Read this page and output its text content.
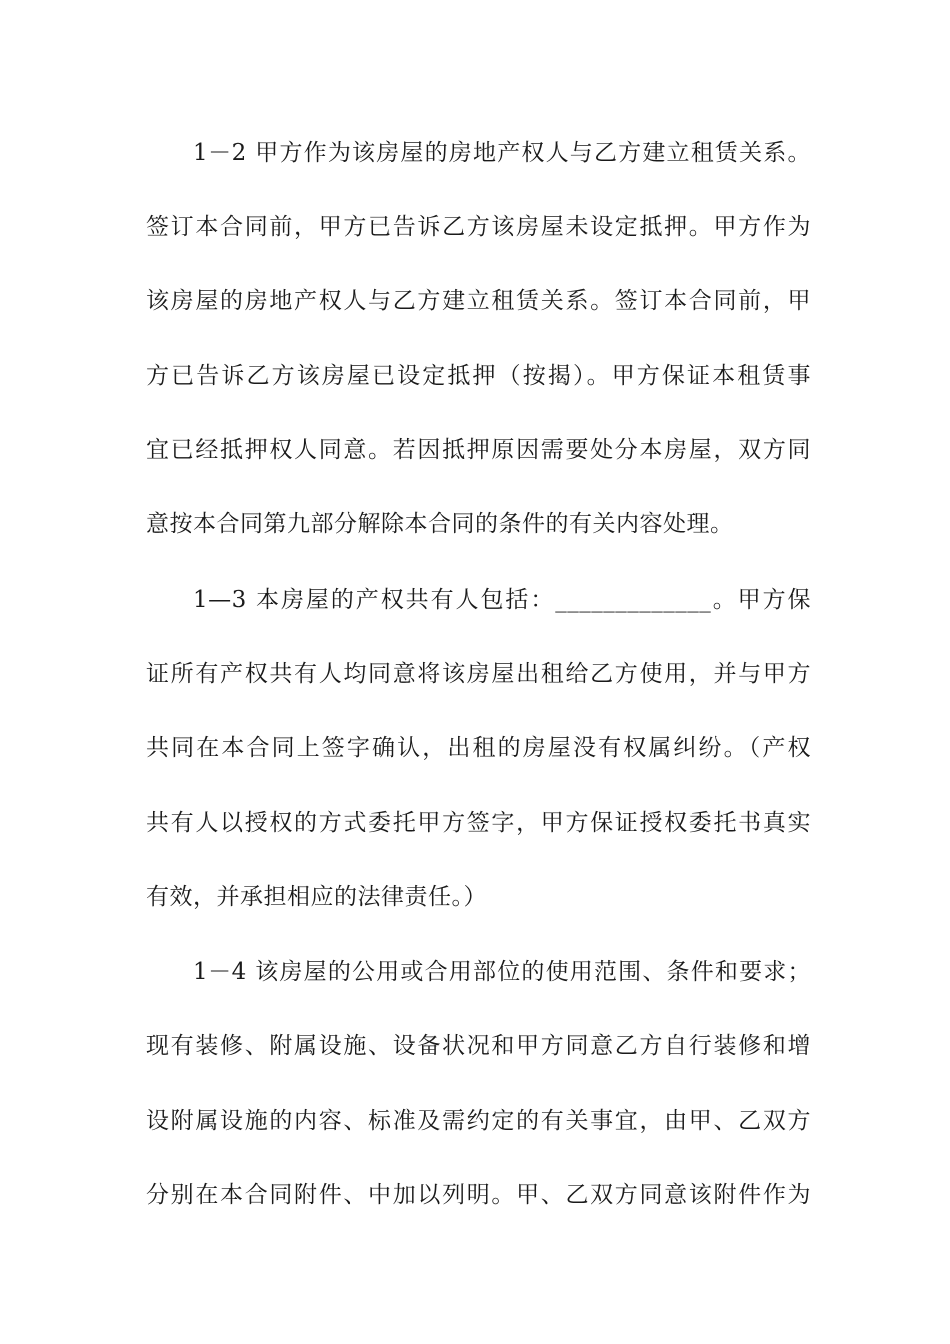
1－2 甲方作为该房屋的房地产权人与乙方建立租赁关系。
签订本合同前，甲方已告诉乙方该房屋未设定抵押。甲方作为
该房屋的房地产权人与乙方建立租赁关系。签订本合同前，甲
方已告诉乙方该房屋已设定抵押（按揭）。甲方保证本租赁事
宜已经抵押权人同意。若因抵押原因需要处分本房屋，双方同
意按本合同第九部分解除本合同的条件的有关内容处理。
1—3 本房屋的产权共有人包括：_____________。甲方保
证所有产权共有人均同意将该房屋出租给乙方使用，并与甲方
共同在本合同上签字确认，出租的房屋没有权属纠纷。（产权
共有人以授权的方式委托甲方签字，甲方保证授权委托书真实
有效，并承担相应的法律责任。）
1－4 该房屋的公用或合用部位的使用范围、条件和要求；
现有装修、附属设施、设备状况和甲方同意乙方自行装修和增
设附属设施的内容、标准及需约定的有关事宜，由甲、乙双方
分别在本合同附件、中加以列明。甲、乙双方同意该附件作为
